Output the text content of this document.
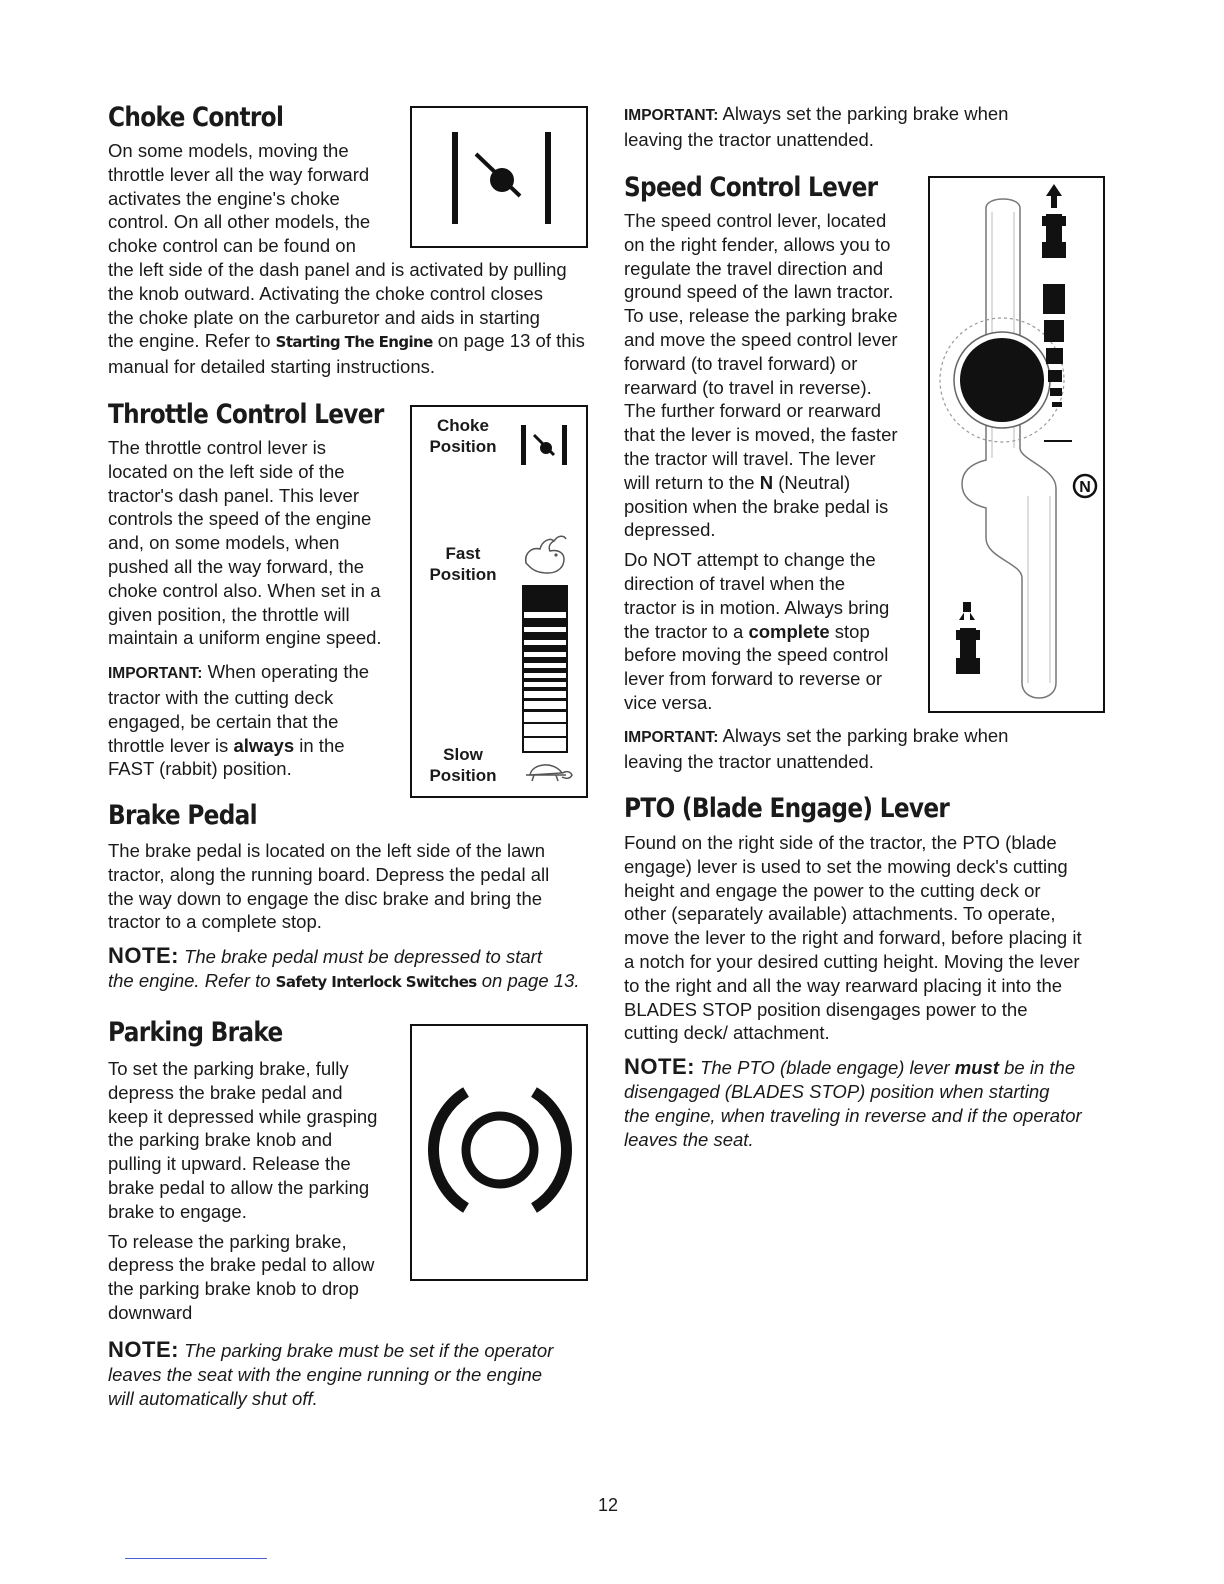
Choke Control

On some models, moving the

throttle lever all the way forward

activates the engine's choke

control. On all other models, the

choke control can be found on

the left side of the dash panel and is activated by pulling

the knob outward. Activating the choke control closes

the choke plate on the carburetor and aids in starting

the engine. Refer to Starting The Engine on page 13 of this

manual for detailed starting instructions.

Throttle Control Lever

The throttle control lever is

located on the left side of the

tractor's dash panel. This lever

controls the speed of the engine

and, on some models, when

pushed all the way forward, the

choke control also. When set in a

given position, the throttle will

maintain a uniform engine speed.

IMPORTANT: When operating the

tractor with the cutting deck

engaged, be certain that the

throttle lever is always in the

FAST (rabbit) position.

Choke
Position
Fast
Position
Slow
Position
Brake Pedal

The brake pedal is located on the left side of the lawn

tractor, along the running board. Depress the pedal all

the way down to engage the disc brake and bring the

tractor to a complete stop.

NOTE: The brake pedal must be depressed to start

the engine. Refer to Safety Interlock Switches on page 13.

Parking Brake

To set the parking brake, fully

depress the brake pedal and

keep it depressed while grasping

the parking brake knob and

pulling it upward. Release the

brake pedal to allow the parking

brake to engage.

To release the parking brake,

depress the brake pedal to allow

the parking brake knob to drop

downward

NOTE: The parking brake must be set if the operator

leaves the seat with the engine running or the engine

will automatically shut off.

IMPORTANT: Always set the parking brake when

leaving the tractor unattended.

Speed Control Lever

The speed control lever, located

on the right fender, allows you to

regulate the travel direction and

ground speed of the lawn tractor.

To use, release the parking brake

and move the speed control lever

forward (to travel forward) or

rearward (to travel in reverse).

The further forward or rearward

that the lever is moved, the faster

the tractor will travel. The lever

will return to the N (Neutral)

position when the brake pedal is

depressed.

Do NOT attempt to change the

direction of travel when the

tractor is in motion. Always bring

the tractor to a complete stop

before moving the speed control

lever from forward to reverse or

vice versa.

IMPORTANT: Always set the parking brake when

leaving the tractor unattended.

N
PTO (Blade Engage) Lever

Found on the right side of the tractor, the PTO (blade

engage) lever is used to set the mowing deck's cutting

height and engage the power to the cutting deck or

other (separately available) attachments. To operate,

move the lever to the right and forward, before placing it

a notch for your desired cutting height. Moving the lever

to the right and all the way rearward placing it into the

BLADES STOP position disengages power to the

cutting deck/ attachment.

NOTE: The PTO (blade engage) lever must be in the

disengaged (BLADES STOP) position when starting

the engine, when traveling in reverse and if the operator

leaves the seat.

12
